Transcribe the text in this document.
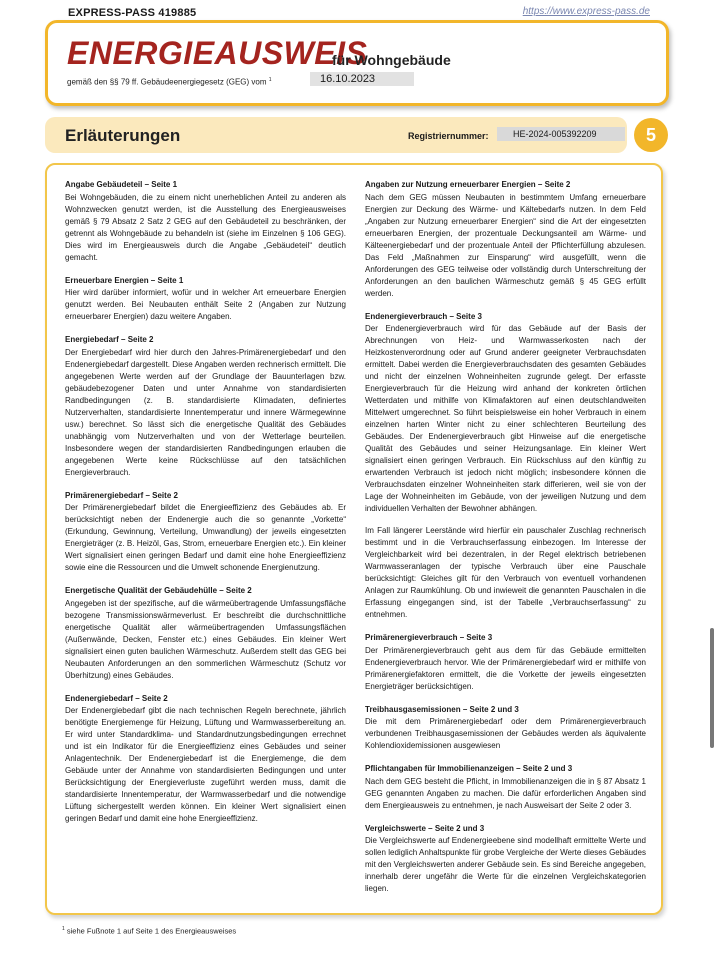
EXPRESS-PASS 419885	https://www.express-pass.de
ENERGIEAUSWEIS
für Wohngebäude
gemäß den §§ 79 ff. Gebäudeenergiegesetz (GEG) vom $^1$	16.10.2023
Erläuterungen	Registriernummer:	HE-2024-005392209	5
Angabe Gebäudeteil – Seite 1

Bei Wohngebäuden, die zu einem nicht unerheblichen Anteil zu anderen als Wohnzwecken genutzt werden, ist die Ausstellung des Energieausweises gemäß § 79 Absatz 2 Satz 2 GEG auf den Gebäudeteil zu beschränken, der getrennt als Wohngebäude zu behandeln ist (siehe im Einzelnen § 106 GEG). Dies wird im Energieausweis durch die Angabe „Gebäudeteil“ deutlich gemacht.

Erneuerbare Energien – Seite 1

Hier wird darüber informiert, wofür und in welcher Art erneuerbare Energien genutzt werden. Bei Neubauten enthält Seite 2 (Angaben zur Nutzung erneuerbarer Energien) dazu weitere Angaben.

Energiebedarf – Seite 2

Der Energiebedarf wird hier durch den Jahres-Primärenergiebedarf und den Endenergiebedarf dargestellt. Diese Angaben werden rechnerisch ermittelt. Die angegebenen Werte werden auf der Grundlage der Bauunterlagen bzw. gebäudebezogener Daten und unter Annahme von standardisierten Randbedingungen (z. B. standardisierte Klimadaten, definiertes Nutzerverhalten, standardisierte Innentemperatur und innere Wärmegewinne usw.) berechnet. So lässt sich die energetische Qualität des Gebäudes unabhängig vom Nutzerverhalten und von der Wetterlage beurteilen. Insbesondere wegen der standardisierten Randbedingungen erlauben die angegebenen Werte keine Rückschlüsse auf den tatsächlichen Energieverbrauch.

Primärenergiebedarf – Seite 2

Der Primärenergiebedarf bildet die Energieeffizienz des Gebäudes ab. Er berücksichtigt neben der Endenergie auch die so genannte „Vorkette“ (Erkundung, Gewinnung, Verteilung, Umwandlung) der jeweils eingesetzten Energieträger (z. B. Heizöl, Gas, Strom, erneuerbare Energien etc.). Ein kleiner Wert signalisiert einen geringen Bedarf und damit eine hohe Energieeffizienz sowie eine die Ressourcen und die Umwelt schonende Energienutzung.

Energetische Qualität der Gebäudehülle – Seite 2

Angegeben ist der spezifische, auf die wärmeübertragende Umfassungsfläche bezogene Transmissionswärmeverlust. Er beschreibt die durchschnittliche energetische Qualität aller wärmeübertragenden Umfassungsflächen (Außenwände, Decken, Fenster etc.) eines Gebäudes. Ein kleiner Wert signalisiert einen guten baulichen Wärmeschutz. Außerdem stellt das GEG bei Neubauten Anforderungen an den sommerlichen Wärmeschutz (Schutz vor Überhitzung) eines Gebäudes.

Endenergiebedarf – Seite 2

Der Endenergiebedarf gibt die nach technischen Regeln berechnete, jährlich benötigte Energiemenge für Heizung, Lüftung und Warmwasserbereitung an. Er wird unter Standardklima- und Standardnutzungsbedingungen errechnet und ist ein Indikator für die Energieeffizienz eines Gebäudes und seiner Anlagentechnik. Der Endenergiebedarf ist die Energiemenge, die dem Gebäude unter der Annahme von standardisierten Bedingungen und unter Berücksichtigung der Energieverluste zugeführt werden muss, damit die standardisierte Innentemperatur, der Warmwasserbedarf und die notwendige Lüftung sichergestellt werden können. Ein kleiner Wert signalisiert einen geringen Bedarf und damit eine hohe Energieeffizienz.

Angaben zur Nutzung erneuerbarer Energien – Seite 2

Nach dem GEG müssen Neubauten in bestimmtem Umfang erneuerbare Energien zur Deckung des Wärme- und Kältebedarfs nutzen. In dem Feld „Angaben zur Nutzung erneuerbarer Energien“ sind die Art der eingesetzten erneuerbaren Energien, der prozentuale Deckungsanteil am Wärme- und Kälteenergiebedarf und der prozentuale Anteil der Pflichterfüllung abzulesen. Das Feld „Maßnahmen zur Einsparung“ wird ausgefüllt, wenn die Anforderungen des GEG teilweise oder vollständig durch Unterschreitung der Anforderungen an den baulichen Wärmeschutz gemäß § 45 GEG erfüllt werden.

Endenergieverbrauch – Seite 3

Der Endenergieverbrauch wird für das Gebäude auf der Basis der Abrechnungen von Heiz- und Warmwasserkosten nach der Heizkostenverordnung oder auf Grund anderer geeigneter Verbrauchsdaten ermittelt. Dabei werden die Energieverbrauchsdaten des gesamten Gebäudes und nicht der einzelnen Wohneinheiten zugrunde gelegt. Der erfasste Energieverbrauch für die Heizung wird anhand der konkreten örtlichen Wetterdaten und mithilfe von Klimafaktoren auf einen deutschlandweiten Mittelwert umgerechnet. So führt beispielsweise ein hoher Verbrauch in einem einzelnen harten Winter nicht zu einer schlechteren Beurteilung des Gebäudes. Der Endenergieverbrauch gibt Hinweise auf die energetische Qualität des Gebäudes und seiner Heizungsanlage. Ein kleiner Wert signalisiert einen geringen Verbrauch. Ein Rückschluss auf den künftig zu erwartenden Verbrauch ist jedoch nicht möglich; insbesondere können die Verbrauchsdaten einzelner Wohneinheiten stark differieren, weil sie von der Lage der Wohneinheiten im Gebäude, von der jeweiligen Nutzung und dem individuellen Verhalten der Bewohner abhängen.

Im Fall längerer Leerstände wird hierfür ein pauschaler Zuschlag rechnerisch bestimmt und in die Verbrauchserfassung einbezogen. Im Interesse der Vergleichbarkeit wird bei dezentralen, in der Regel elektrisch betriebenen Warmwasseranlagen der typische Verbrauch über eine Pauschale berücksichtigt: Gleiches gilt für den Verbrauch von eventuell vorhandenen Anlagen zur Raumkühlung. Ob und inwieweit die genannten Pauschalen in die Erfassung eingegangen sind, ist der Tabelle „Verbrauchserfassung“ zu entnehmen.

Primärenergieverbrauch – Seite 3

Der Primärenergieverbrauch geht aus dem für das Gebäude ermittelten Endenergieverbrauch hervor. Wie der Primärenergiebedarf wird er mithilfe von Primärenergiefaktoren ermittelt, die die Vorkette der jeweils eingesetzten Energieträger berücksichtigen.

Treibhausgasemissionen – Seite 2 und 3

Die mit dem Primärenergiebedarf oder dem Primärenergieverbrauch verbundenen Treibhausgasemissionen der Gebäudes werden als äquivalente Kohlendioxidemissionen ausgewiesen

Pflichtangaben für Immobilienanzeigen – Seite 2 und 3

Nach dem GEG besteht die Pflicht, in Immobilienanzeigen die in § 87 Absatz 1 GEG genannten Angaben zu machen. Die dafür erforderlichen Angaben sind dem Energieausweis zu entnehmen, je nach Ausweisart der Seite 2 oder 3.

Vergleichswerte – Seite 2 und 3

Die Vergleichswerte auf Endenergieebene sind modellhaft ermittelte Werte und sollen lediglich Anhaltspunkte für grobe Vergleiche der Werte dieses Gebäudes mit den Vergleichswerten anderer Gebäude sein. Es sind Bereiche angegeben, innerhalb derer ungefähr die Werte für die einzelnen Vergleichskategorien liegen.

$^1$ siehe Fußnote 1 auf Seite 1 des Energieausweises
